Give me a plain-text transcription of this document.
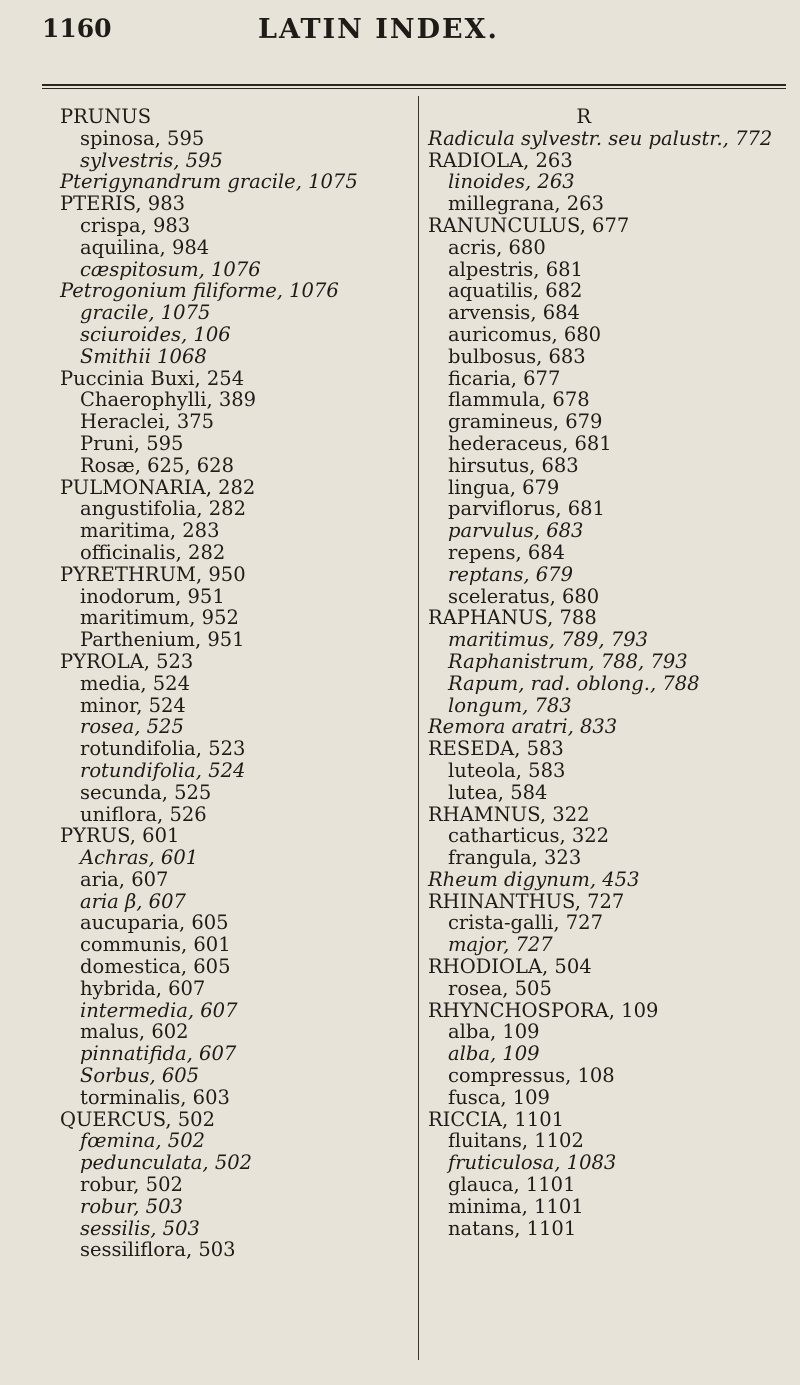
1160	LATIN INDEX.
PRUNUS
spinosa, 595
sylvestris, 595
Pterigynandrum gracile, 1075
PTERIS, 983
crispa, 983
aquilina, 984
cæspitosum, 1076
Petrogonium filiforme, 1076
gracile, 1075
sciuroides, 106
Smithii 1068
Puccinia Buxi, 254
Chaerophylli, 389
Heraclei, 375
Pruni, 595
Rosæ, 625, 628
PULMONARIA, 282
angustifolia, 282
maritima, 283
officinalis, 282
PYRETHRUM, 950
inodorum, 951
maritimum, 952
Parthenium, 951
PYROLA, 523
media, 524
minor, 524
rosea, 525
rotundifolia, 523
rotundifolia, 524
secunda, 525
uniflora, 526
PYRUS, 601
Achras, 601
aria, 607
aria β, 607
aucuparia, 605
communis, 601
domestica, 605
hybrida, 607
intermedia, 607
malus, 602
pinnatifida, 607
Sorbus, 605
torminalis, 603
QUERCUS, 502
fœmina, 502
pedunculata, 502
robur, 502
robur, 503
sessilis, 503
sessiliflora, 503
R
Radicula sylvestr. seu palustr., 772
RADIOLA, 263
linoides, 263
millegrana, 263
RANUNCULUS, 677
acris, 680
alpestris, 681
aquatilis, 682
arvensis, 684
auricomus, 680
bulbosus, 683
ficaria, 677
flammula, 678
gramineus, 679
hederaceus, 681
hirsutus, 683
lingua, 679
parviflorus, 681
parvulus, 683
repens, 684
reptans, 679
sceleratus, 680
RAPHANUS, 788
maritimus, 789, 793
Raphanistrum, 788, 793
Rapum, rad. oblong., 788
longum, 783
Remora aratri, 833
RESEDA, 583
luteola, 583
lutea, 584
RHAMNUS, 322
catharticus, 322
frangula, 323
Rheum digynum, 453
RHINANTHUS, 727
crista-galli, 727
major, 727
RHODIOLA, 504
rosea, 505
RHYNCHOSPORA, 109
alba, 109
alba, 109
compressus, 108
fusca, 109
RICCIA, 1101
fluitans, 1102
fruticulosa, 1083
glauca, 1101
minima, 1101
natans, 1101
